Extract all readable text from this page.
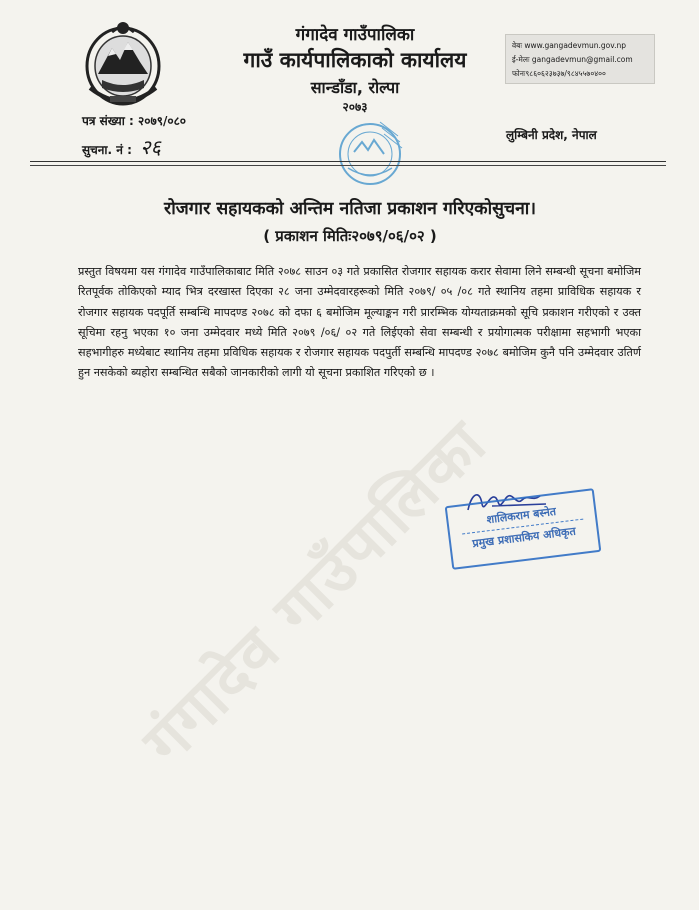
गंगादेव गाउँपालिका
गंगादेव गाउँपालिका
गाउँ कार्यपालिकाको कार्यालय
सान्डाँडा, रोल्पा
२०७३
वेबः www.gangadevmun.gov.np
ई-मेलः gangadevmun@gmail.com
फोनः९८६०६२३७३७/९८४५५७०४००
पत्र संख्या : २०७९/०८०
सुचना. नं : २६	लुम्बिनी प्रदेश, नेपाल
रोजगार सहायकको अन्तिम नतिजा प्रकाशन गरिएकोसुचना।
( प्रकाशन मितिः२०७९/०६/०२ )
प्रस्तुत विषयमा यस गंगादेव गाउँपालिकाबाट मिति २०७८ साउन ०३ गते प्रकासित रोजगार सहायक करार सेवामा लिने सम्बन्धी सूचना बमोजिम रितपूर्वक तोकिएको म्याद भित्र दरखास्त दिएका २८ जना उम्मेदवारहरूको मिति २०७९/ ०५ /०८ गते स्थानिय तहमा प्राविधिक सहायक र रोजगार सहायक पदपूर्ति सम्बन्धि मापदण्ड २०७८ को दफा ६ बमोजिम मूल्याङ्कन गरी प्रारम्भिक योग्यताक्रमको सूचि प्रकाशन गरीएको र उक्त सूचिमा रहनु भएका १० जना उम्मेदवार मध्ये मिति २०७९ /०६/ ०२ गते लिईएको सेवा सम्बन्धी र प्रयोगात्मक परीक्षामा सहभागी भएका सहभागीहरु मध्येबाट स्थानिय तहमा प्रविधिक सहायक र रोजगार सहायक पदपुर्ती सम्बन्धि मापदण्ड २०७८ बमोजिम कुनै पनि उम्मेदवार उतिर्ण हुन नसकेको ब्यहोरा सम्बन्धित सबैको जानकारीको लागी यो सूचना प्रकाशित गरिएको छ ।
शालिकराम बस्नेत
प्रमुख प्रशासकिय अधिकृत
